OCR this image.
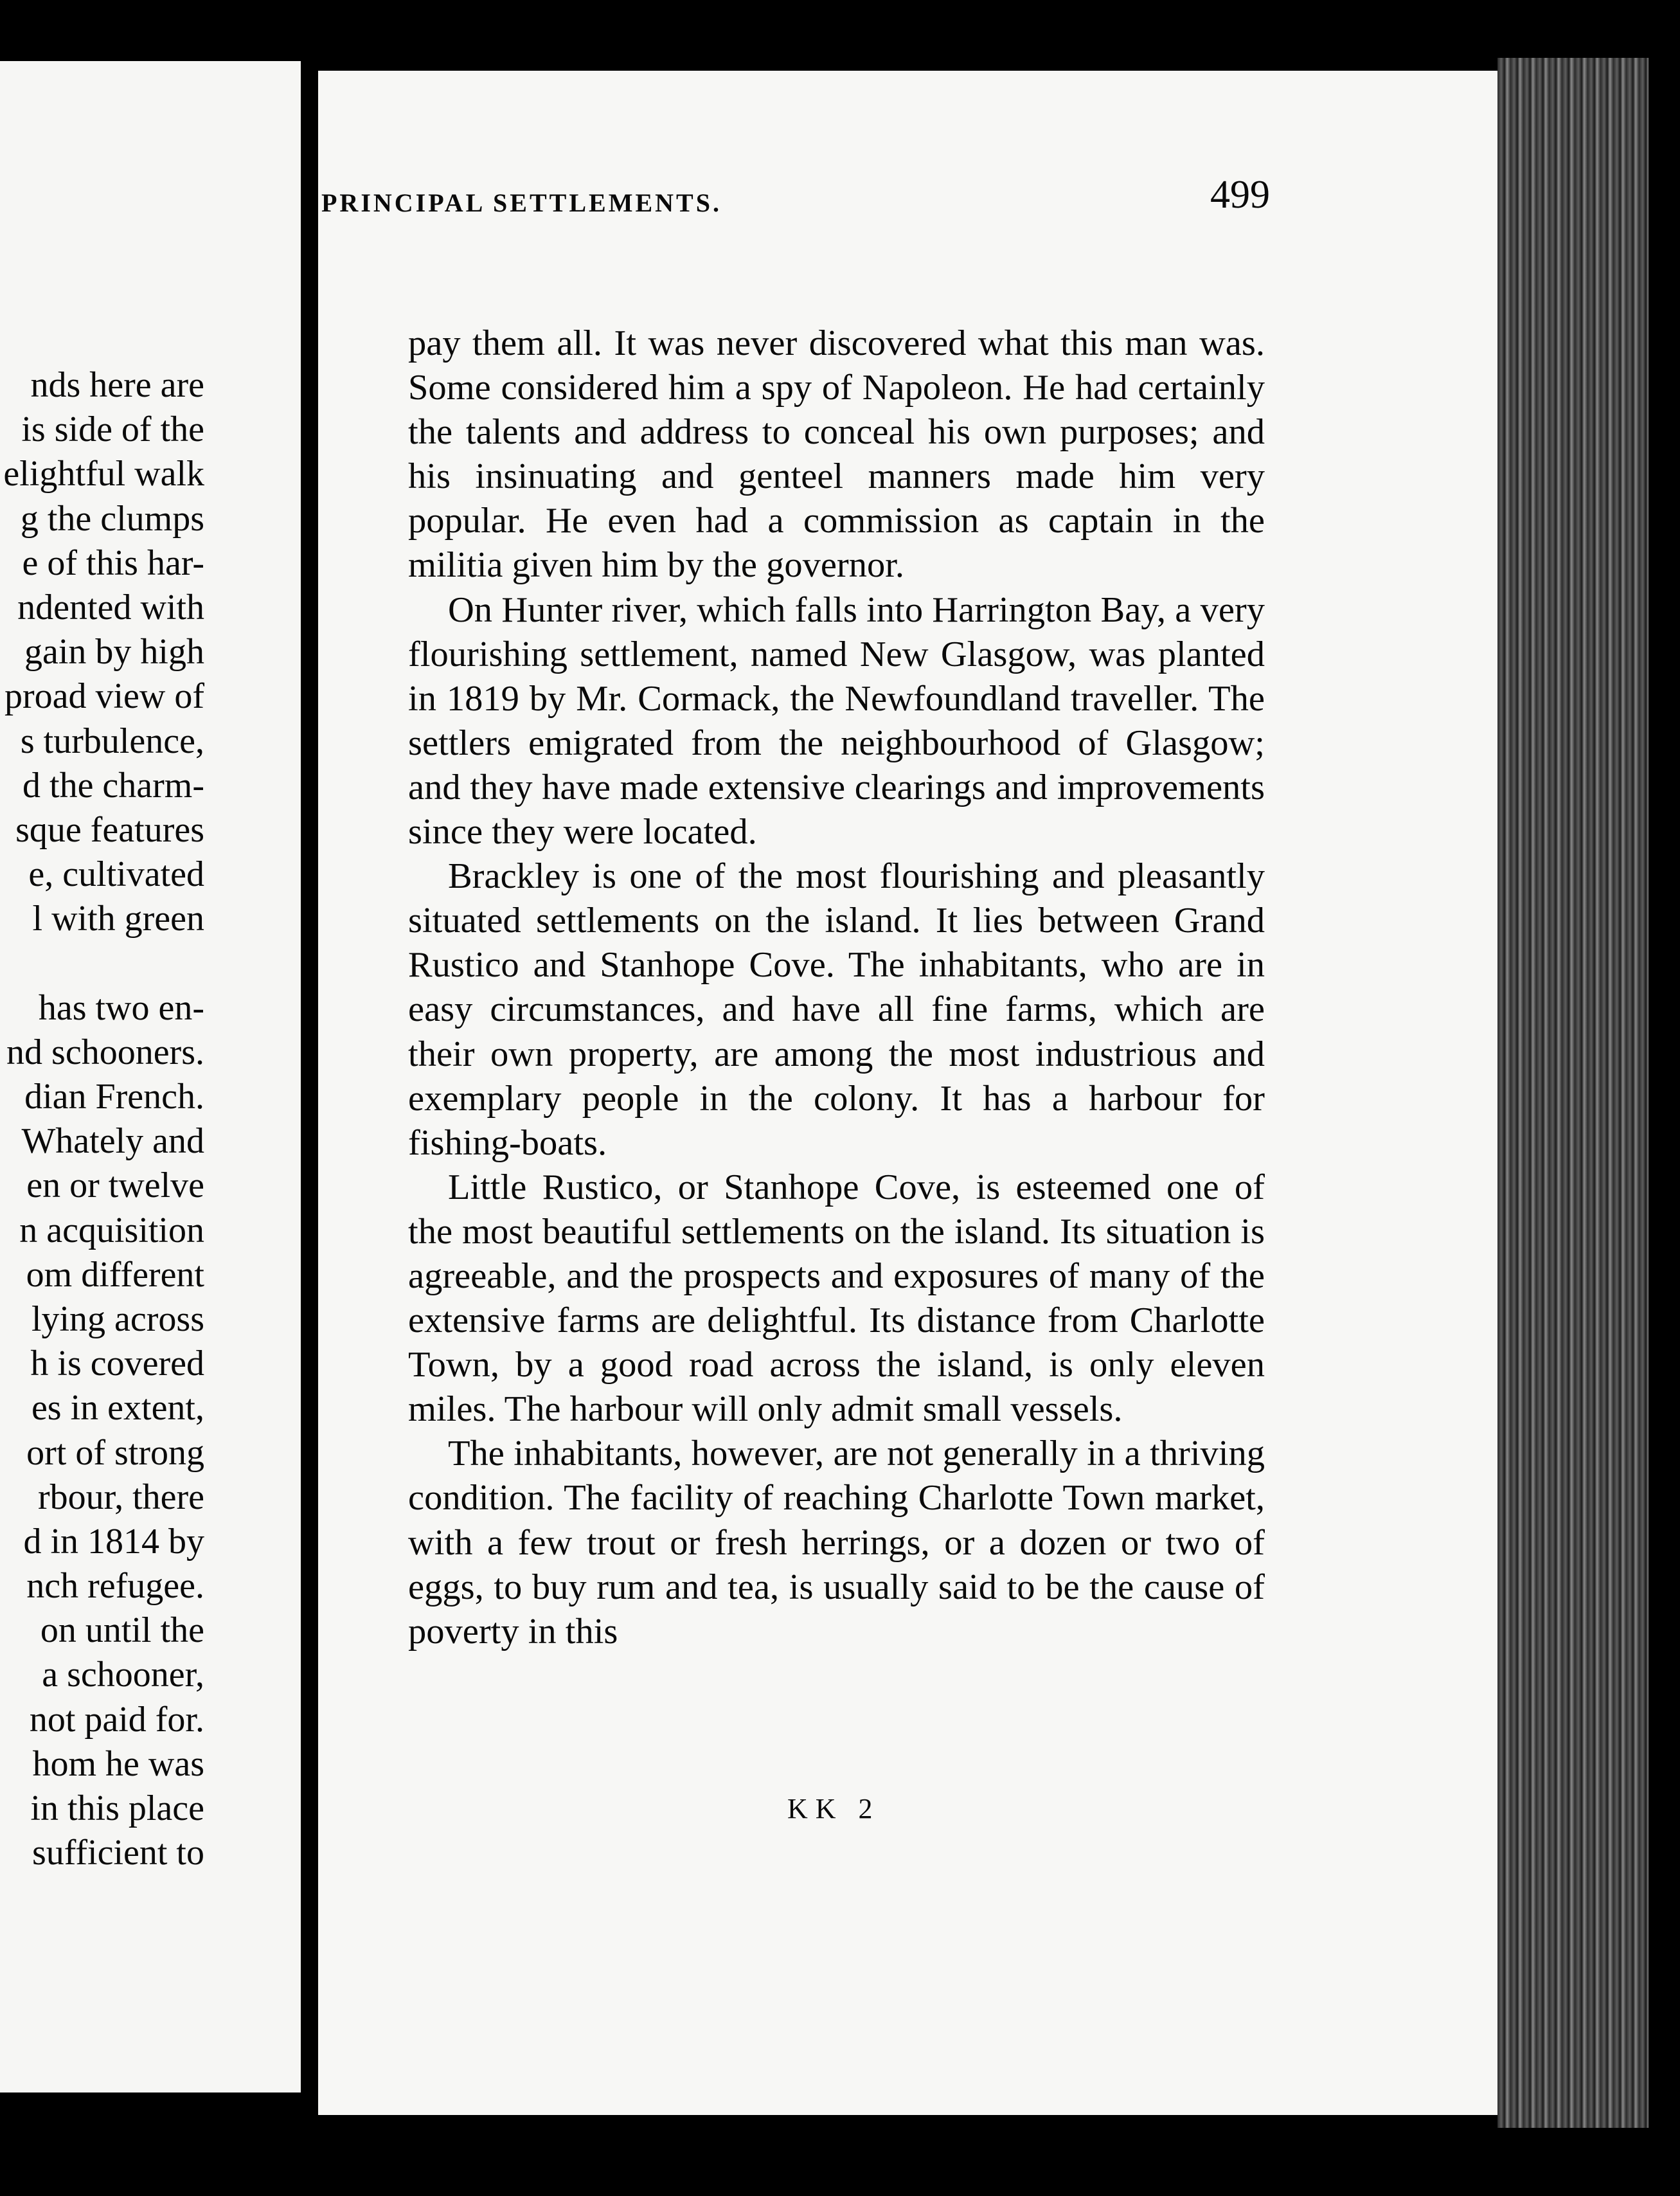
nds here are
is side of the
elightful walk
g the clumps
e of this har-
ndented with
gain by high
proad view of
s turbulence,
d the charm-
sque features
e, cultivated
l with green
has two en-
nd schooners.
dian French.
Whately and
en or twelve
n acquisition
om different
lying across
h is covered
es in extent,
ort of strong
rbour, there
d in 1814 by
nch refugee.
on until the
a schooner,
not paid for.
hom he was
in this place
sufficient to
PRINCIPAL SETTLEMENTS.	499

pay them all. It was never discovered what this man was. Some considered him a spy of Napoleon. He had certainly the talents and address to conceal his own purposes; and his insinuating and genteel manners made him very popular. He even had a commission as captain in the militia given him by the governor.

On Hunter river, which falls into Harrington Bay, a very flourishing settlement, named New Glasgow, was planted in 1819 by Mr. Cormack, the Newfoundland traveller. The settlers emigrated from the neighbourhood of Glasgow; and they have made extensive clearings and improvements since they were located.

Brackley is one of the most flourishing and pleasantly situated settlements on the island. It lies between Grand Rustico and Stanhope Cove. The inhabitants, who are in easy circumstances, and have all fine farms, which are their own property, are among the most industrious and exemplary people in the colony. It has a harbour for fishing-boats.

Little Rustico, or Stanhope Cove, is esteemed one of the most beautiful settlements on the island. Its situation is agreeable, and the prospects and exposures of many of the extensive farms are delightful. Its distance from Charlotte Town, by a good road across the island, is only eleven miles. The harbour will only admit small vessels.

The inhabitants, however, are not generally in a thriving condition. The facility of reaching Charlotte Town market, with a few trout or fresh herrings, or a dozen or two of eggs, to buy rum and tea, is usually said to be the cause of poverty in this

KK 2
